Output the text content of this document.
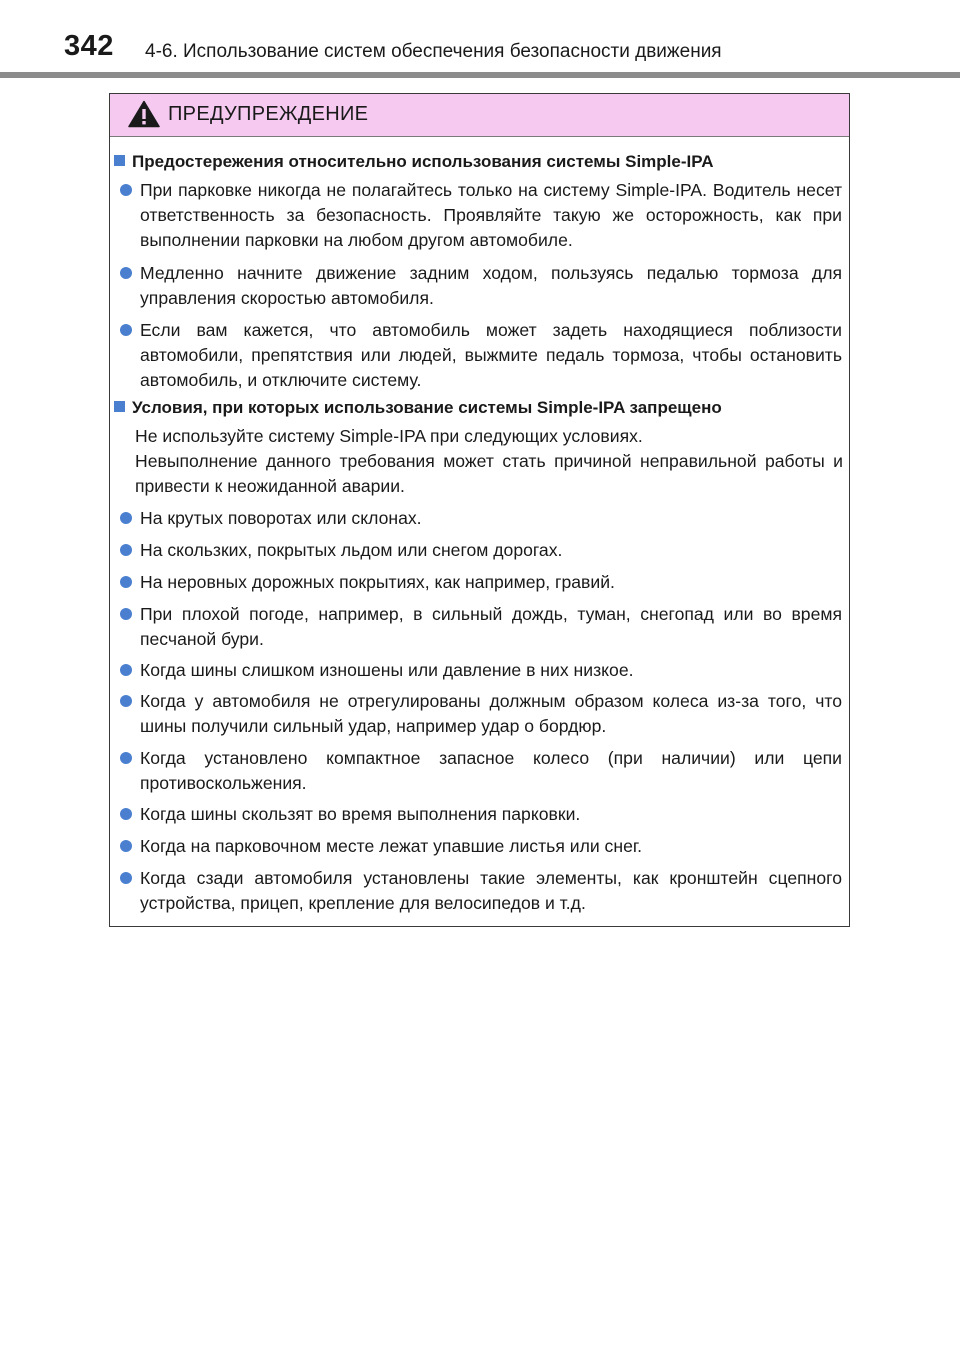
342 4-6. Использование систем обеспечения безопасности движения
ПРЕДУПРЕЖДЕНИЕ
Предостережения относительно использования системы Simple-IPA
При парковке никогда не полагайтесь только на систему Simple-IPA. Водитель несет ответственность за безопасность. Проявляйте такую же осторожность, как при выполнении парковки на любом другом автомобиле.
Медленно начните движение задним ходом, пользуясь педалью тормоза для управления скоростью автомобиля.
Если вам кажется, что автомобиль может задеть находящиеся поблизости автомобили, препятствия или людей, выжмите педаль тормоза, чтобы остановить автомобиль, и отключите систему.
Условия, при которых использование системы Simple-IPA запрещено
Не используйте систему Simple-IPA при следующих условиях.
Невыполнение данного требования может стать причиной неправильной работы и привести к неожиданной аварии.
На крутых поворотах или склонах.
На скользких, покрытых льдом или снегом дорогах.
На неровных дорожных покрытиях, как например, гравий.
При плохой погоде, например, в сильный дождь, туман, снегопад или во время песчаной бури.
Когда шины слишком изношены или давление в них низкое.
Когда у автомобиля не отрегулированы должным образом колеса из-за того, что шины получили сильный удар, например удар о бордюр.
Когда установлено компактное запасное колесо (при наличии) или цепи противоскольжения.
Когда шины скользят во время выполнения парковки.
Когда на парковочном месте лежат упавшие листья или снег.
Когда сзади автомобиля установлены такие элементы, как кронштейн сцепного устройства, прицеп, крепление для велосипедов и т.д.
